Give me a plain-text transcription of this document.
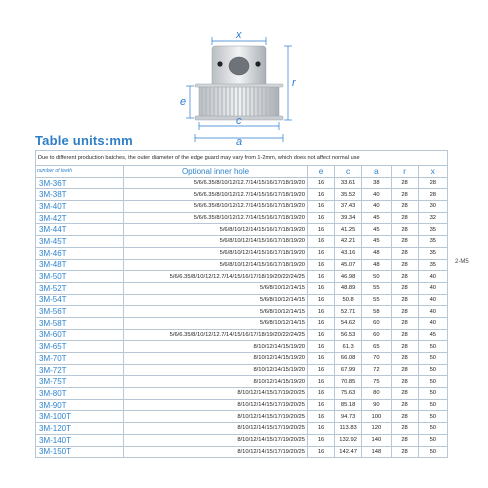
x
e
r
c
a
Table units:mm
Due to different production batches, the outer diameter of the edge guard may vary from 1-2mm, which does not affect normal use
number of teeth	Optional inner hole	e	c	a	r	x
3M-36T	5/6/6.35/8/10/12/12.7/14/15/16/17/18/19/20	16	33.61	38	28	28
3M-38T	5/6/6.35/8/10/12/12.7/14/15/16/17/18/19/20	16	35.52	40	28	28
3M-40T	5/6/6.35/8/10/12/12.7/14/15/16/17/18/19/20	16	37.43	40	28	30
3M-42T	5/6/6.35/8/10/12/12.7/14/15/16/17/18/19/20	16	39.34	45	28	32
3M-44T	5/6/8/10/12/14/15/16/17/18/19/20	16	41.25	45	28	35
3M-45T	5/6/8/10/12/14/15/16/17/18/19/20	16	42.21	45	28	35
3M-46T	5/6/8/10/12/14/15/16/17/18/19/20	16	43.16	48	28	35
3M-48T	5/6/8/10/12/14/15/16/17/18/19/20	16	45.07	48	28	35
3M-50T	5/6/6.35/8/10/12/12.7/14/15/16/17/18/19/20/22/24/25	16	46.98	50	28	40
3M-52T	5/6/8/10/12/14/15	16	48.89	55	28	40
3M-54T	5/6/8/10/12/14/15	16	50.8	55	28	40
3M-56T	5/6/8/10/12/14/15	16	52.71	58	28	40
3M-58T	5/6/8/10/12/14/15	16	54.62	60	28	40
3M-60T	5/6/6.35/8/10/12/12.7/14/15/16/17/18/19/20/22/24/25	16	56.53	60	28	45
3M-65T	8/10/12/14/15/19/20	16	61.3	65	28	50
3M-70T	8/10/12/14/15/19/20	16	66.08	70	28	50
3M-72T	8/10/12/14/15/19/20	16	67.99	72	28	50
3M-75T	8/10/12/14/15/19/20	16	70.85	75	28	50
3M-80T	8/10/12/14/15/17/19/20/25	16	75.63	80	28	50
3M-90T	8/10/12/14/15/17/19/20/25	16	85.18	90	28	50
3M-100T	8/10/12/14/15/17/19/20/25	16	94.73	100	28	50
3M-120T	8/10/12/14/15/17/19/20/25	16	113.83	120	28	50
3M-140T	8/10/12/14/15/17/19/20/25	16	132.92	140	28	50
3M-150T	8/10/12/14/15/17/19/20/25	16	142.47	148	28	50
2-M5
